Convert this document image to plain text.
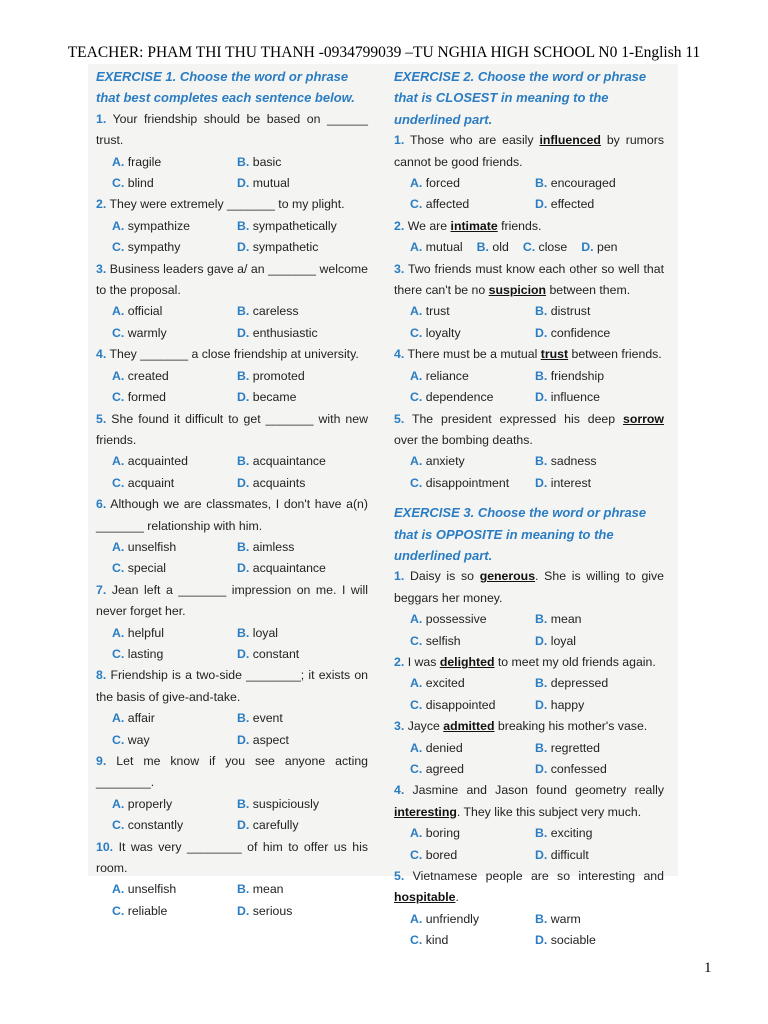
TEACHER: PHAM THI THU THANH -0934799039 –TU NGHIA HIGH SCHOOL N0 1-English 11
EXERCISE 1. Choose the word or phrase that best completes each sentence below.
1. Your friendship should be based on ______ trust.
A. fragile	B. basic
C. blind	D. mutual
2. They were extremely _______ to my plight.
A. sympathize	B. sympathetically
C. sympathy	D. sympathetic
3. Business leaders gave a/ an _______ welcome to the proposal.
A. official	B. careless
C. warmly	D. enthusiastic
4. They _______ a close friendship at university.
A. created	B. promoted
C. formed	D. became
5. She found it difficult to get _______ with new friends.
A. acquainted	B. acquaintance
C. acquaint	D. acquaints
6. Although we are classmates, I don't have a(n) _______ relationship with him.
A. unselfish	B. aimless
C. special	D. acquaintance
7. Jean left a _______ impression on me. I will never forget her.
A. helpful	B. loyal
C. lasting	D. constant
8. Friendship is a two-side ________; it exists on the basis of give-and-take.
A. affair	B. event
C. way	D. aspect
9. Let me know if you see anyone acting ________.
A. properly	B. suspiciously
C. constantly	D. carefully
10. It was very ________ of him to offer us his room.
A. unselfish	B. mean
C. reliable	D. serious
EXERCISE 2. Choose the word or phrase that is CLOSEST in meaning to the underlined part.
1. Those who are easily influenced by rumors cannot be good friends.
A. forced	B. encouraged
C. affected	D. effected
2. We are intimate friends.
A. mutual B. old C. close D. pen
3. Two friends must know each other so well that there can't be no suspicion between them.
A. trust	B. distrust
C. loyalty	D. confidence
4. There must be a mutual trust between friends.
A. reliance	B. friendship
C. dependence	D. influence
5. The president expressed his deep sorrow over the bombing deaths.
A. anxiety	B. sadness
C. disappointment	D. interest
EXERCISE 3. Choose the word or phrase that is OPPOSITE in meaning to the underlined part.
1. Daisy is so generous. She is willing to give beggars her money.
A. possessive	B. mean
C. selfish	D. loyal
2. I was delighted to meet my old friends again.
A. excited	B. depressed
C. disappointed	D. happy
3. Jayce admitted breaking his mother's vase.
A. denied	B. regretted
C. agreed	D. confessed
4. Jasmine and Jason found geometry really interesting. They like this subject very much.
A. boring	B. exciting
C. bored	D. difficult
5. Vietnamese people are so interesting and hospitable.
A. unfriendly	B. warm
C. kind	D. sociable
1
